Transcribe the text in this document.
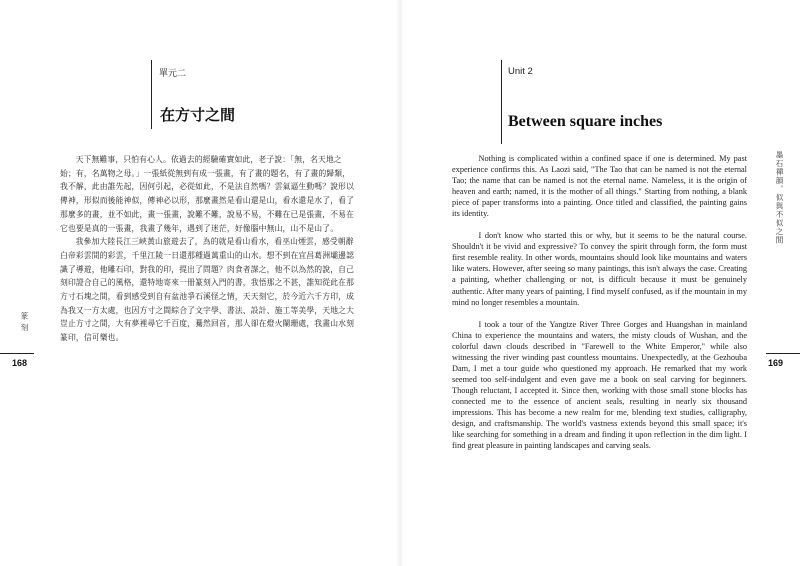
單元二
在方寸之間

天下無難事，只怕有心人。依過去的經驗確實如此，老子說：「無，名天地之始；有，名萬物之母。」一張紙從無到有成一張畫，有了畫的題名，有了畫的歸類，我不解，此由誰先起，因何引起，必從如此，不是法自然嗎？雲氣逼生動嗎？說形以傳神，形似而後能神似，傳神必以形，那麼畫然是看山還是山，看水還是水了，看了那麼多的畫，並不如此，畫一張畫，說難不難，說易不易，不難在已是張畫，不易在它也要是真的一張畫，我畫了幾年，遇到了迷茫，好像腦中無山，山不是山了。

我參加大陸長江三峽黃山旅遊去了，為的就是看山看水，看巫山煙雲，感受朝辭白帝彩雲間的彩雲，千里江陵一日還那種過萬重山的山水。想不到在宜昌葛洲壩邊認識了導遊，他雕石印，對我的印，提出了問題？肉食者謀之，他不以為然的說，自己刻印證合自己的風格，還特地寄來一冊篆刻入門的書，我悟那之不甚，誰知從此在那方寸石塊之間，看到感受到自有盆池爭石溪怪之情，天天刻它，於今近六千方印，成為我又一方太處，也因方寸之間綜合了文字學、書法、設計、施工等美學，天地之大豈止方寸之間，大有夢裡尋它千百度，驀然回首，那人卻在燈火闌珊處，我畫山水刻篆印，信可樂也。

篆刻
168
Unit 2
Between square inches

Nothing is complicated within a confined space if one is determined. My past experience confirms this. As Laozi said, "The Tao that can be named is not the eternal Tao; the name that can be named is not the eternal name. Nameless, it is the origin of heaven and earth; named, it is the mother of all things." Starting from nothing, a blank piece of paper transforms into a painting. Once titled and classified, the painting gains its identity.

I don't know who started this or why, but it seems to be the natural course. Shouldn't it be vivid and expressive? To convey the spirit through form, the form must first resemble reality. In other words, mountains should look like mountains and waters like waters. However, after seeing so many paintings, this isn't always the case. Creating a painting, whether challenging or not, is difficult because it must be genuinely authentic. After many years of painting, I find myself confused, as if the mountain in my mind no longer resembles a mountain.

I took a tour of the Yangtze River Three Gorges and Huangshan in mainland China to experience the mountains and waters, the misty clouds of Wushan, and the colorful dawn clouds described in "Farewell to the White Emperor," while also witnessing the river winding past countless mountains. Unexpectedly, at the Gezhouba Dam, I met a tour guide who questioned my approach. He remarked that my work seemed too self-indulgent and even gave me a book on seal carving for beginners. Though reluctant, I accepted it. Since then, working with those small stone blocks has connected me to the essence of ancient seals, resulting in nearly six thousand impressions. This has become a new realm for me, blending text studies, calligraphy, design, and craftsmanship. The world's vastness extends beyond this small space; it's like searching for something in a dream and finding it upon reflection in the dim light. I find great pleasure in painting landscapes and carving seals.

墨石禪韻，似與不似之間
169
